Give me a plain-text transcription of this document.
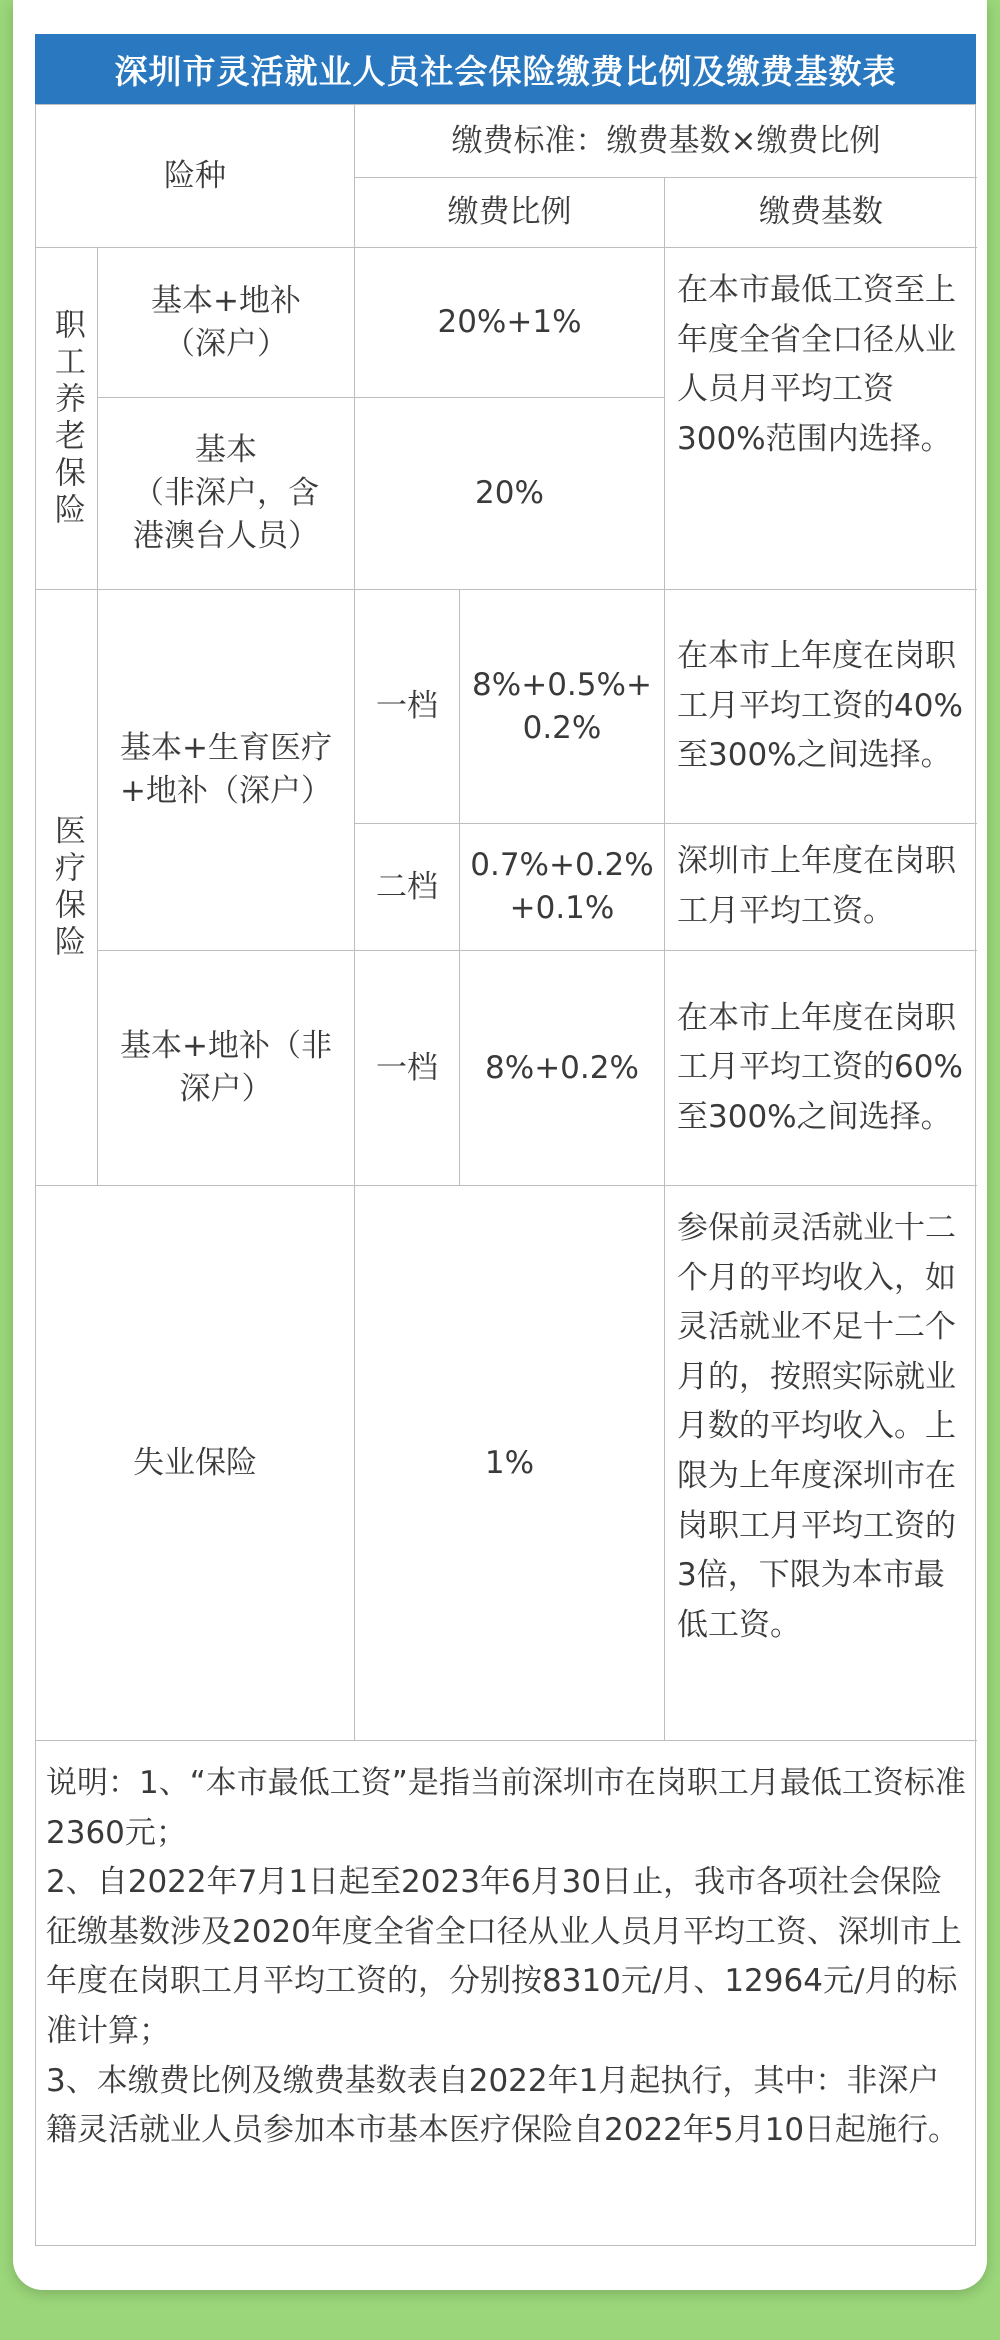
深圳市灵活就业人员社会保险缴费比例及缴费基数表
险种
缴费标准：缴费基数×缴费比例
缴费比例	缴费基数
职工养老保险
基本+地补
（深户）
20%+1%
基本
（非深户，含
港澳台人员）
20%
在本市最低工资至上年度全省全口径从业人员月平均工资300%范围内选择。
医疗保险
基本+生育医疗
+地补（深户）
一档
8%+0.5%+
0.2%
在本市上年度在岗职工月平均工资的40%至300%之间选择。
二档
0.7%+0.2%
+0.1%
深圳市上年度在岗职工月平均工资。
基本+地补（非
深户）
一档 8%+0.2%
在本市上年度在岗职工月平均工资的60%至300%之间选择。
失业保险	1%
参保前灵活就业十二个月的平均收入，如灵活就业不足十二个月的，按照实际就业月数的平均收入。上限为上年度深圳市在岗职工月平均工资的3倍，下限为本市最低工资。

说明：1、“本市最低工资”是指当前深圳市在岗职工月最低工资标准2360元；

2、自2022年7月1日起至2023年6月30日止，我市各项社会保险征缴基数涉及2020年度全省全口径从业人员月平均工资、深圳市上年度在岗职工月平均工资的，分别按8310元/月、12964元/月的标准计算；

3、本缴费比例及缴费基数表自2022年1月起执行，其中：非深户籍灵活就业人员参加本市基本医疗保险自2022年5月10日起施行。
